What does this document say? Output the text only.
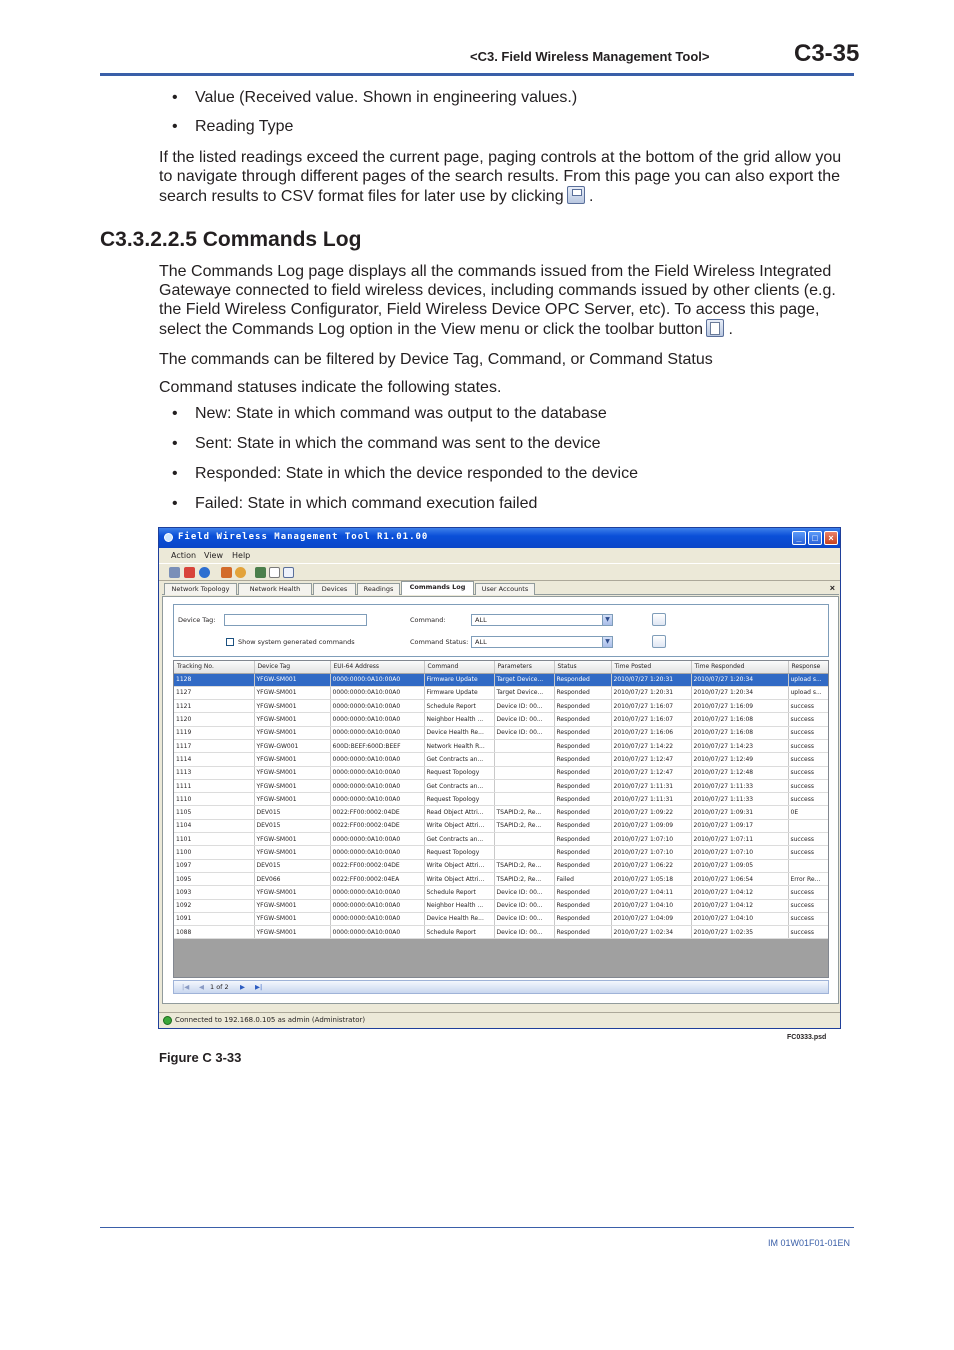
<C3. Field Wireless Management Tool>	C3-35
• Value (Received value. Shown in engineering values.)
• Reading Type
If the listed readings exceed the current page, paging controls at the bottom of the grid allow you to navigate through different pages of the search results. From this page you can also export the search results to CSV format files for later use by clicking .
C3.3.2.2.5 Commands Log
The Commands Log page displays all the commands issued from the Field Wireless Integrated Gatewaye connected to field wireless devices, including commands issued by other clients (e.g. the Field Wireless Configurator, Field Wireless Device OPC Server, etc). To access this page, select the Commands Log option in the View menu or click the toolbar button .
The commands can be filtered by Device Tag, Command, or Command Status
Command statuses indicate the following states.
• New: State in which command was output to the database
• Sent: State in which the command was sent to the device
• Responded: State in which the device responded to the device
• Failed: State in which command execution failed
Field Wireless Management Tool R1.01.00	_	□	×
Action View Help
Network Topology	Network Health	Devices	Readings	Commands Log	User Accounts	×
Device Tag:
Show system generated commands
Command:	ALL	▼
Command Status:	ALL	▼
Tracking No.	Device Tag	EUI-64 Address	Command	Parameters	Status	Time Posted	Time Responded	Response
1128	YFGW-SM001	0000:0000:0A10:00A0	Firmware Update	Target Device...	Responded	2010/07/27 1:20:31	2010/07/27 1:20:34	upload s...
1127	YFGW-SM001	0000:0000:0A10:00A0	Firmware Update	Target Device...	Responded	2010/07/27 1:20:31	2010/07/27 1:20:34	upload s...
1121	YFGW-SM001	0000:0000:0A10:00A0	Schedule Report	Device ID: 00...	Responded	2010/07/27 1:16:07	2010/07/27 1:16:09	success
1120	YFGW-SM001	0000:0000:0A10:00A0	Neighbor Health ...	Device ID: 00...	Responded	2010/07/27 1:16:07	2010/07/27 1:16:08	success
1119	YFGW-SM001	0000:0000:0A10:00A0	Device Health Re...	Device ID: 00...	Responded	2010/07/27 1:16:06	2010/07/27 1:16:08	success
1117	YFGW-GW001	600D:BEEF:600D:BEEF	Network Health R...		Responded	2010/07/27 1:14:22	2010/07/27 1:14:23	success
1114	YFGW-SM001	0000:0000:0A10:00A0	Get Contracts an...		Responded	2010/07/27 1:12:47	2010/07/27 1:12:49	success
1113	YFGW-SM001	0000:0000:0A10:00A0	Request Topology		Responded	2010/07/27 1:12:47	2010/07/27 1:12:48	success
1111	YFGW-SM001	0000:0000:0A10:00A0	Get Contracts an...		Responded	2010/07/27 1:11:31	2010/07/27 1:11:33	success
1110	YFGW-SM001	0000:0000:0A10:00A0	Request Topology		Responded	2010/07/27 1:11:31	2010/07/27 1:11:33	success
1105	DEV015	0022:FF00:0002:04DE	Read Object Attri...	TSAPID:2, Re...	Responded	2010/07/27 1:09:22	2010/07/27 1:09:31	0E
1104	DEV015	0022:FF00:0002:04DE	Write Object Attri...	TSAPID:2, Re...	Responded	2010/07/27 1:09:09	2010/07/27 1:09:17	
1101	YFGW-SM001	0000:0000:0A10:00A0	Get Contracts an...		Responded	2010/07/27 1:07:10	2010/07/27 1:07:11	success
1100	YFGW-SM001	0000:0000:0A10:00A0	Request Topology		Responded	2010/07/27 1:07:10	2010/07/27 1:07:10	success
1097	DEV015	0022:FF00:0002:04DE	Write Object Attri...	TSAPID:2, Re...	Responded	2010/07/27 1:06:22	2010/07/27 1:09:05	
1095	DEV066	0022:FF00:0002:04EA	Write Object Attri...	TSAPID:2, Re...	Failed	2010/07/27 1:05:18	2010/07/27 1:06:54	Error Re...
1093	YFGW-SM001	0000:0000:0A10:00A0	Schedule Report	Device ID: 00...	Responded	2010/07/27 1:04:11	2010/07/27 1:04:12	success
1092	YFGW-SM001	0000:0000:0A10:00A0	Neighbor Health ...	Device ID: 00...	Responded	2010/07/27 1:04:10	2010/07/27 1:04:12	success
1091	YFGW-SM001	0000:0000:0A10:00A0	Device Health Re...	Device ID: 00...	Responded	2010/07/27 1:04:09	2010/07/27 1:04:10	success
1088	YFGW-SM001	0000:0000:0A10:00A0	Schedule Report	Device ID: 00...	Responded	2010/07/27 1:02:34	2010/07/27 1:02:35	success
|◀ ◀ 1 of 2 ▶ ▶|
Connected to 192.168.0.105 as admin (Administrator)
FC0333.psd
Figure C 3-33
IM 01W01F01-01EN
